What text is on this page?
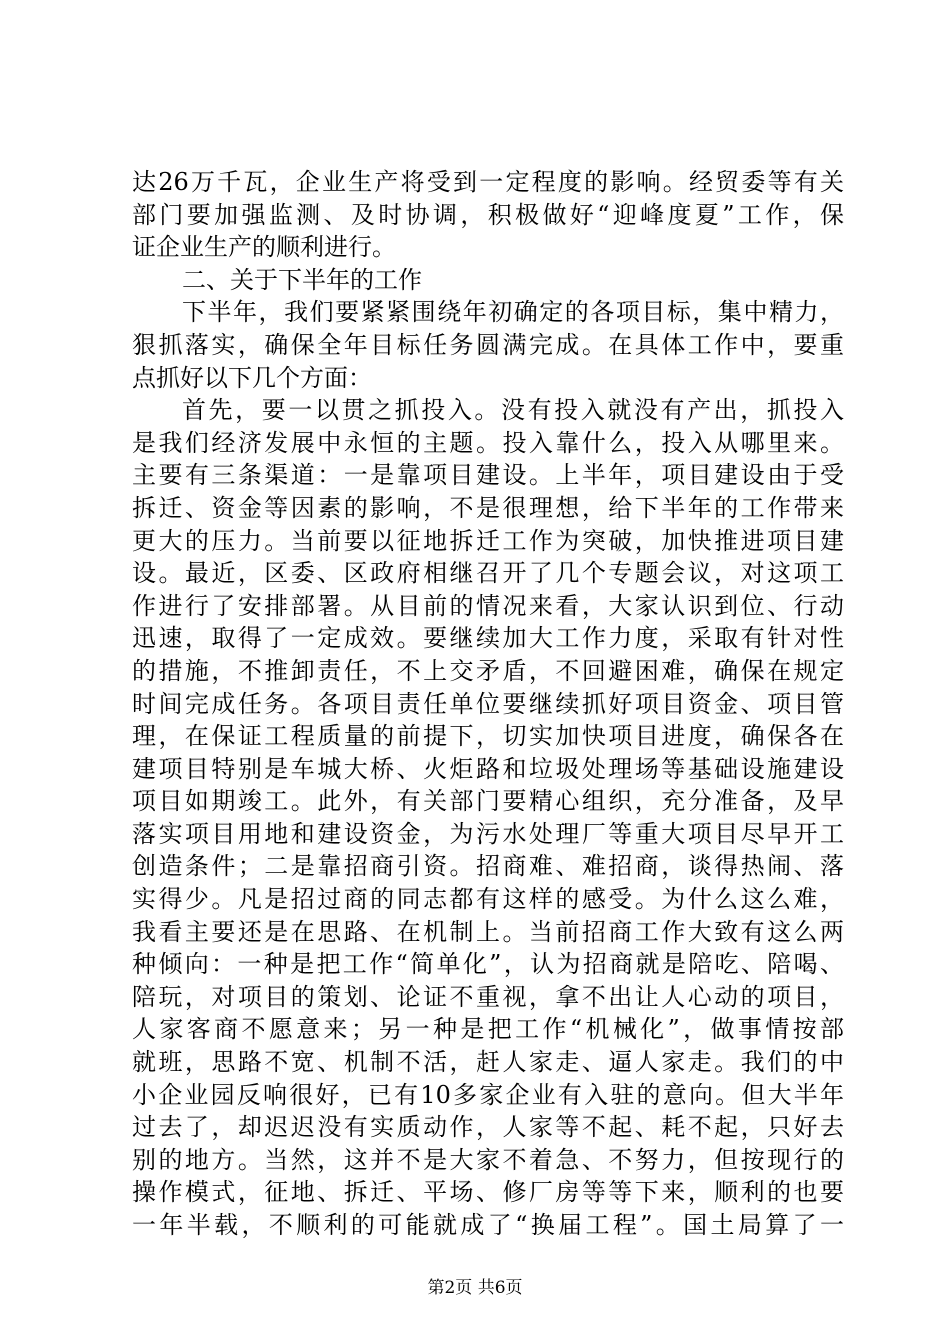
达26万千瓦，企业生产将受到一定程度的影响。经贸委等有关
部门要加强监测、及时协调，积极做好“迎峰度夏”工作，保
证企业生产的顺利进行。
二、关于下半年的工作
下半年，我们要紧紧围绕年初确定的各项目标，集中精力，
狠抓落实，确保全年目标任务圆满完成。在具体工作中，要重
点抓好以下几个方面：
首先，要一以贯之抓投入。没有投入就没有产出，抓投入
是我们经济发展中永恒的主题。投入靠什么，投入从哪里来。
主要有三条渠道：一是靠项目建设。上半年，项目建设由于受
拆迁、资金等因素的影响，不是很理想，给下半年的工作带来
更大的压力。当前要以征地拆迁工作为突破，加快推进项目建
设。最近，区委、区政府相继召开了几个专题会议，对这项工
作进行了安排部署。从目前的情况来看，大家认识到位、行动
迅速，取得了一定成效。要继续加大工作力度，采取有针对性
的措施，不推卸责任，不上交矛盾，不回避困难，确保在规定
时间完成任务。各项目责任单位要继续抓好项目资金、项目管
理，在保证工程质量的前提下，切实加快项目进度，确保各在
建项目特别是车城大桥、火炬路和垃圾处理场等基础设施建设
项目如期竣工。此外，有关部门要精心组织，充分准备，及早
落实项目用地和建设资金，为污水处理厂等重大项目尽早开工
创造条件；二是靠招商引资。招商难、难招商，谈得热闹、落
实得少。凡是招过商的同志都有这样的感受。为什么这么难，
我看主要还是在思路、在机制上。当前招商工作大致有这么两
种倾向：一种是把工作“简单化”，认为招商就是陪吃、陪喝、
陪玩，对项目的策划、论证不重视，拿不出让人心动的项目，
人家客商不愿意来；另一种是把工作“机械化”，做事情按部
就班，思路不宽、机制不活，赶人家走、逼人家走。我们的中
小企业园反响很好，已有10多家企业有入驻的意向。但大半年
过去了，却迟迟没有实质动作，人家等不起、耗不起，只好去
别的地方。当然，这并不是大家不着急、不努力，但按现行的
操作模式，征地、拆迁、平场、修厂房等等下来，顺利的也要
一年半载，不顺利的可能就成了“换届工程”。国土局算了一
第2页 共6页
